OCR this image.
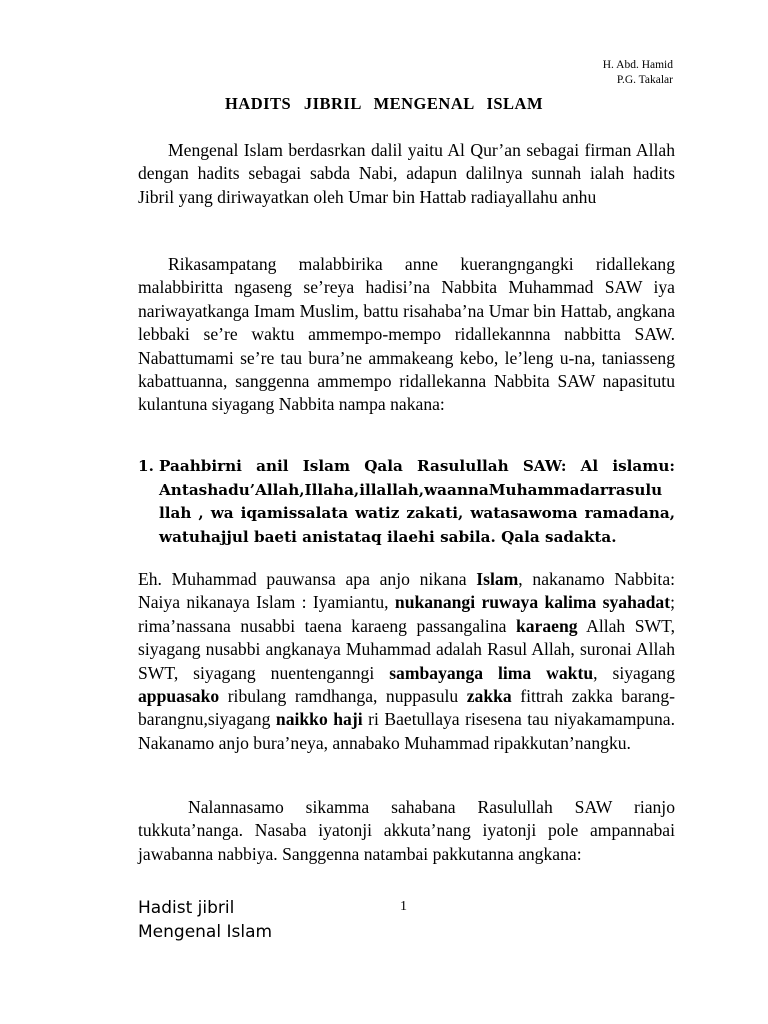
H. Abd. Hamid
P.G. Takalar
HADITS JIBRIL MENGENAL ISLAM

Mengenal Islam berdasrkan dalil yaitu Al Qur’an sebagai firman Allah dengan hadits sebagai sabda Nabi, adapun dalilnya sunnah ialah hadits Jibril yang diriwayatkan oleh Umar bin Hattab radiayallahu anhu

Rikasampatang malabbirika anne kuerangngangki ridallekang malabbiritta ngaseng se’reya hadisi’na Nabbita Muhammad SAW iya nariwayatkanga Imam Muslim, battu risahaba’na Umar bin Hattab, angkana lebbaki se’re waktu ammempo-mempo ridallekannna nabbitta SAW. Nabattumami se’re tau bura’ne ammakeang kebo, le’leng u-na, taniasseng kabattuanna, sanggenna ammempo ridallekanna Nabbita SAW napasitutu kulantuna siyagang Nabbita nampa nakana:

1. Paahbirni anil Islam Qala Rasulullah SAW: Al islamu: Antashadu’Allah,Illaha,illallah,waannaMuhammadarrasulu llah , wa iqamissalata watiz zakati, watasawoma ramadana, watuhajjul baeti anistataq ilaehi sabila. Qala sadakta.

Eh. Muhammad pauwansa apa anjo nikana Islam, nakanamo Nabbita: Naiya nikanaya Islam : Iyamiantu, nukanangi ruwaya kalima syahadat; rima’nassana nusabbi taena karaeng passangalina karaeng Allah SWT, siyagang nusabbi angkanaya Muhammad adalah Rasul Allah, suronai Allah SWT, siyagang nuentenganngi sambayanga lima waktu, siyagang appuasako ribulang ramdhanga, nuppasulu zakka fittrah zakka barang-barangnu,siyagang naikko haji ri Baetullaya risesena tau niyakamampuna. Nakanamo anjo bura’neya, annabako Muhammad ripakkutan’nangku.

Nalannasamo sikamma sahabana Rasulullah SAW rianjo tukkuta’nanga. Nasaba iyatonji akkuta’nang iyatonji pole ampannabai jawabanna nabbiya. Sanggenna natambai pakkutanna angkana:

Hadist jibril
Mengenal Islam
1
